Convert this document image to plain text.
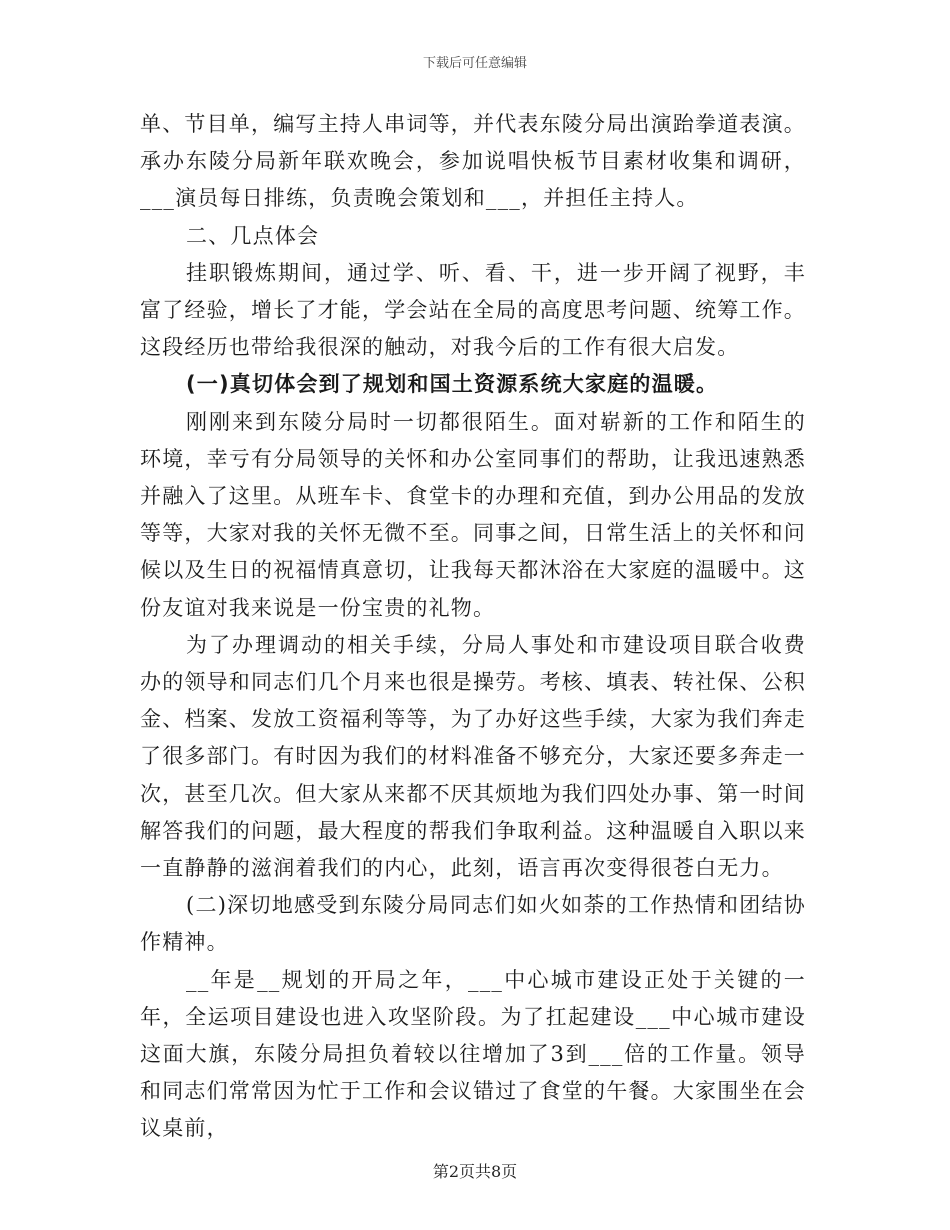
下载后可任意编辑

单、节目单，编写主持人串词等，并代表东陵分局出演跆拳道表演。承办东陵分局新年联欢晚会，参加说唱快板节目素材收集和调研，___演员每日排练，负责晚会策划和___，并担任主持人。

二、几点体会

挂职锻炼期间，通过学、听、看、干，进一步开阔了视野，丰富了经验，增长了才能，学会站在全局的高度思考问题、统筹工作。这段经历也带给我很深的触动，对我今后的工作有很大启发。

(一)真切体会到了规划和国土资源系统大家庭的温暖。

刚刚来到东陵分局时一切都很陌生。面对崭新的工作和陌生的环境，幸亏有分局领导的关怀和办公室同事们的帮助，让我迅速熟悉并融入了这里。从班车卡、食堂卡的办理和充值，到办公用品的发放等等，大家对我的关怀无微不至。同事之间，日常生活上的关怀和问候以及生日的祝福情真意切，让我每天都沐浴在大家庭的温暖中。这份友谊对我来说是一份宝贵的礼物。

为了办理调动的相关手续，分局人事处和市建设项目联合收费办的领导和同志们几个月来也很是操劳。考核、填表、转社保、公积金、档案、发放工资福利等等，为了办好这些手续，大家为我们奔走了很多部门。有时因为我们的材料准备不够充分，大家还要多奔走一次，甚至几次。但大家从来都不厌其烦地为我们四处办事、第一时间解答我们的问题，最大程度的帮我们争取利益。这种温暖自入职以来一直静静的滋润着我们的内心，此刻，语言再次变得很苍白无力。

(二)深切地感受到东陵分局同志们如火如荼的工作热情和团结协作精神。

__年是__规划的开局之年，___中心城市建设正处于关键的一年，全运项目建设也进入攻坚阶段。为了扛起建设___中心城市建设这面大旗，东陵分局担负着较以往增加了3到___倍的工作量。领导和同志们常常因为忙于工作和会议错过了食堂的午餐。大家围坐在会议桌前，

第2页共8页
